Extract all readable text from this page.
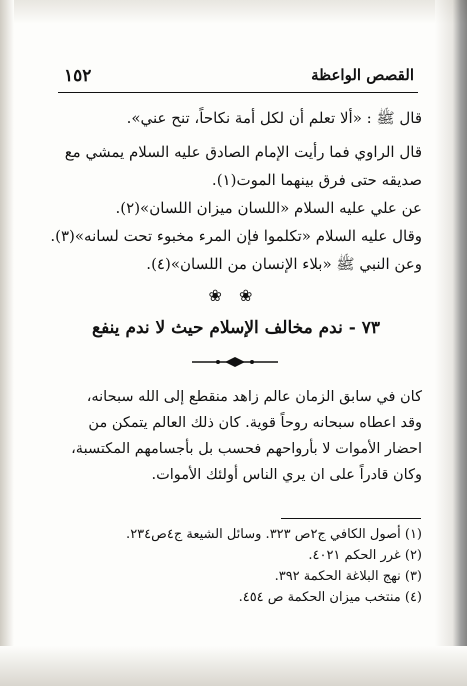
١٥٢	القصص الواعظة

قال ﷺ : «ألا تعلم أن لكل أمة نكاحاً، تنح عني».

قال الراوي فما رأيت الإمام الصادق عليه السلام يمشي مع

صديقه حتى فرق بينهما الموت(١).

عن علي عليه السلام «اللسان ميزان اللسان»(٢).

وقال عليه السلام «تكلموا فإن المرء مخبوء تحت لسانه»(٣).

وعن النبي ﷺ «بلاء الإنسان من اللسان»(٤).

❀ ❀
٧٣ - ندم مخالف الإسلام حيث لا ندم ينفع

كان في سابق الزمان عالم زاهد منقطع إلى الله سبحانه،

وقد اعطاه سبحانه روحاً قوية. كان ذلك العالم يتمكن من

احضار الأموات لا بأرواحهم فحسب بل بأجسامهم المكتسبة،

وكان قادراً على ان يري الناس أولئك الأموات.

(١) أصول الكافي ج٢ص ٣٢٣. وسائل الشيعة ج٤ص٢٣٤.
(٢) غرر الحكم ٤٠٢١.
(٣) نهج البلاغة الحكمة ٣٩٢.
(٤) منتخب ميزان الحكمة ص ٤٥٤.
